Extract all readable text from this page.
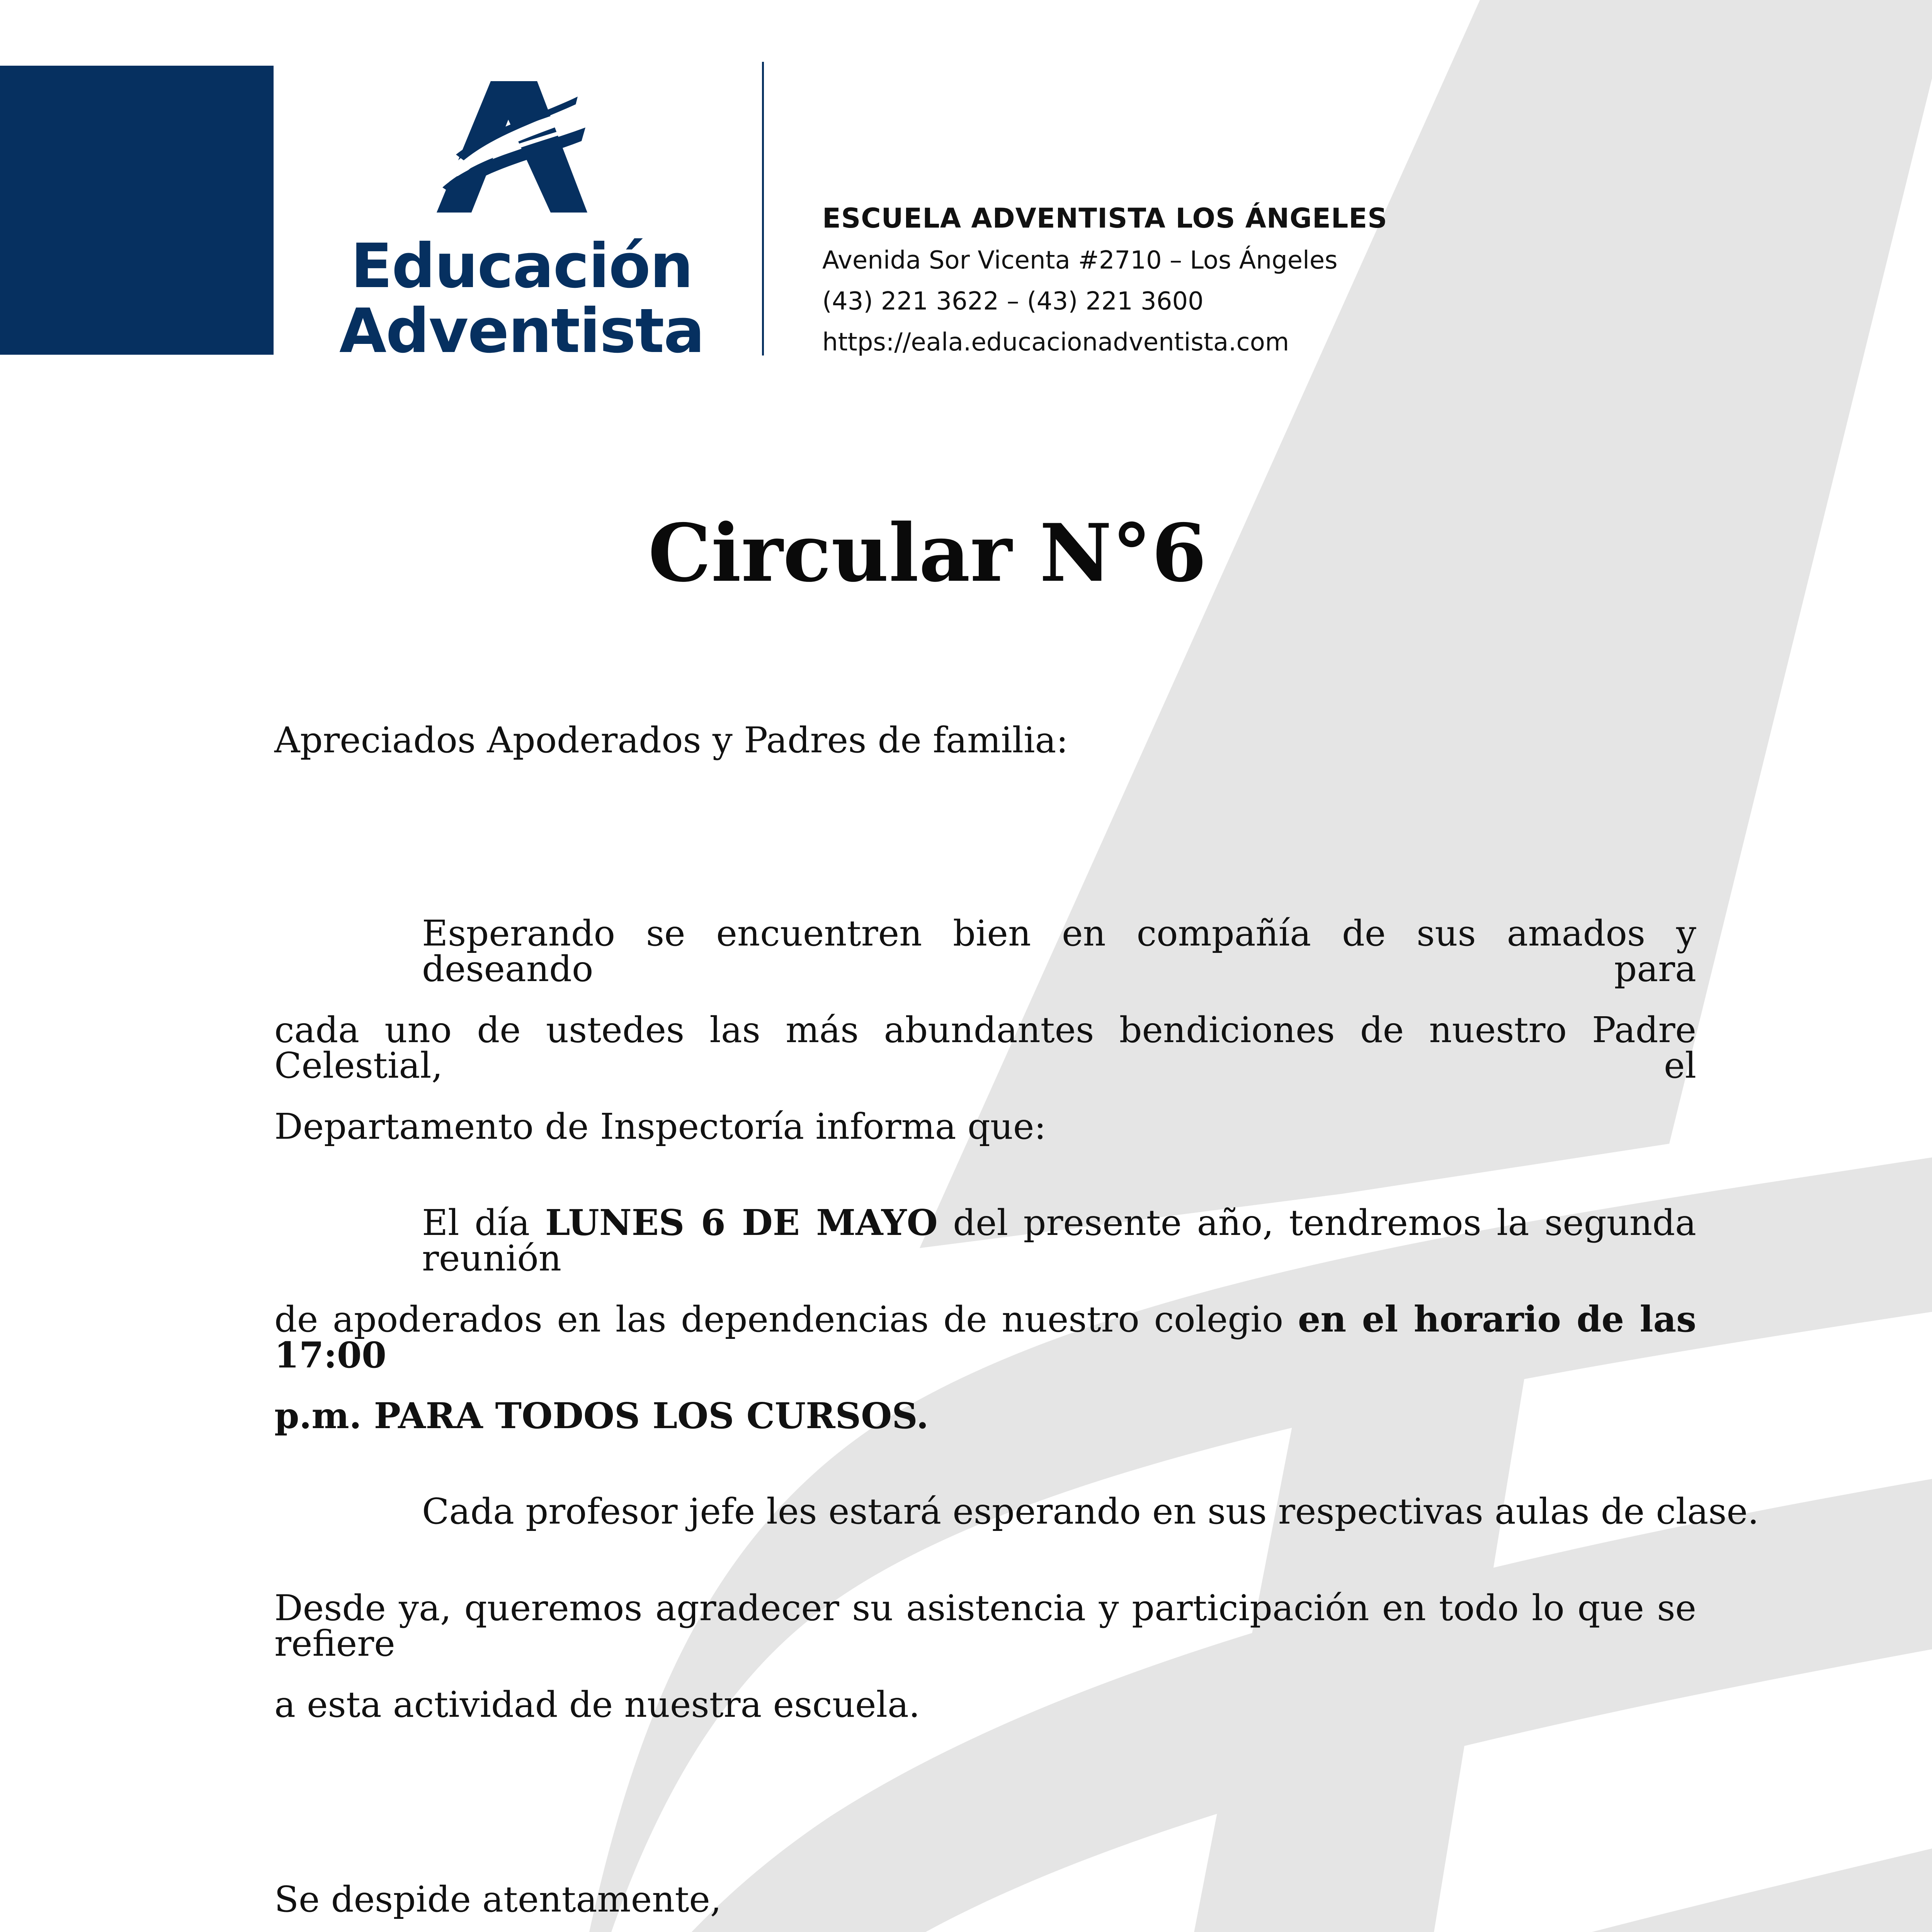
Educación
Adventista
ESCUELA ADVENTISTA LOS ÁNGELES
Avenida Sor Vicenta #2710 – Los Ángeles
(43) 221 3622 – (43) 221 3600
https://eala.educacionadventista.com
Circular N°6
Apreciados Apoderados y Padres de familia:
Esperando se encuentren bien en compañía de sus amados y deseando para
cada uno de ustedes las más abundantes bendiciones de nuestro Padre Celestial, el
Departamento de Inspectoría informa que:
El día LUNES 6 DE MAYO del presente año, tendremos la segunda reunión
de apoderados en las dependencias de nuestro colegio en el horario de las 17:00
p.m. PARA TODOS LOS CURSOS.
Cada profesor jefe les estará esperando en sus respectivas aulas de clase.
Desde ya, queremos agradecer su asistencia y participación en todo lo que se refiere
a esta actividad de nuestra escuela.
Se despide atentamente,
